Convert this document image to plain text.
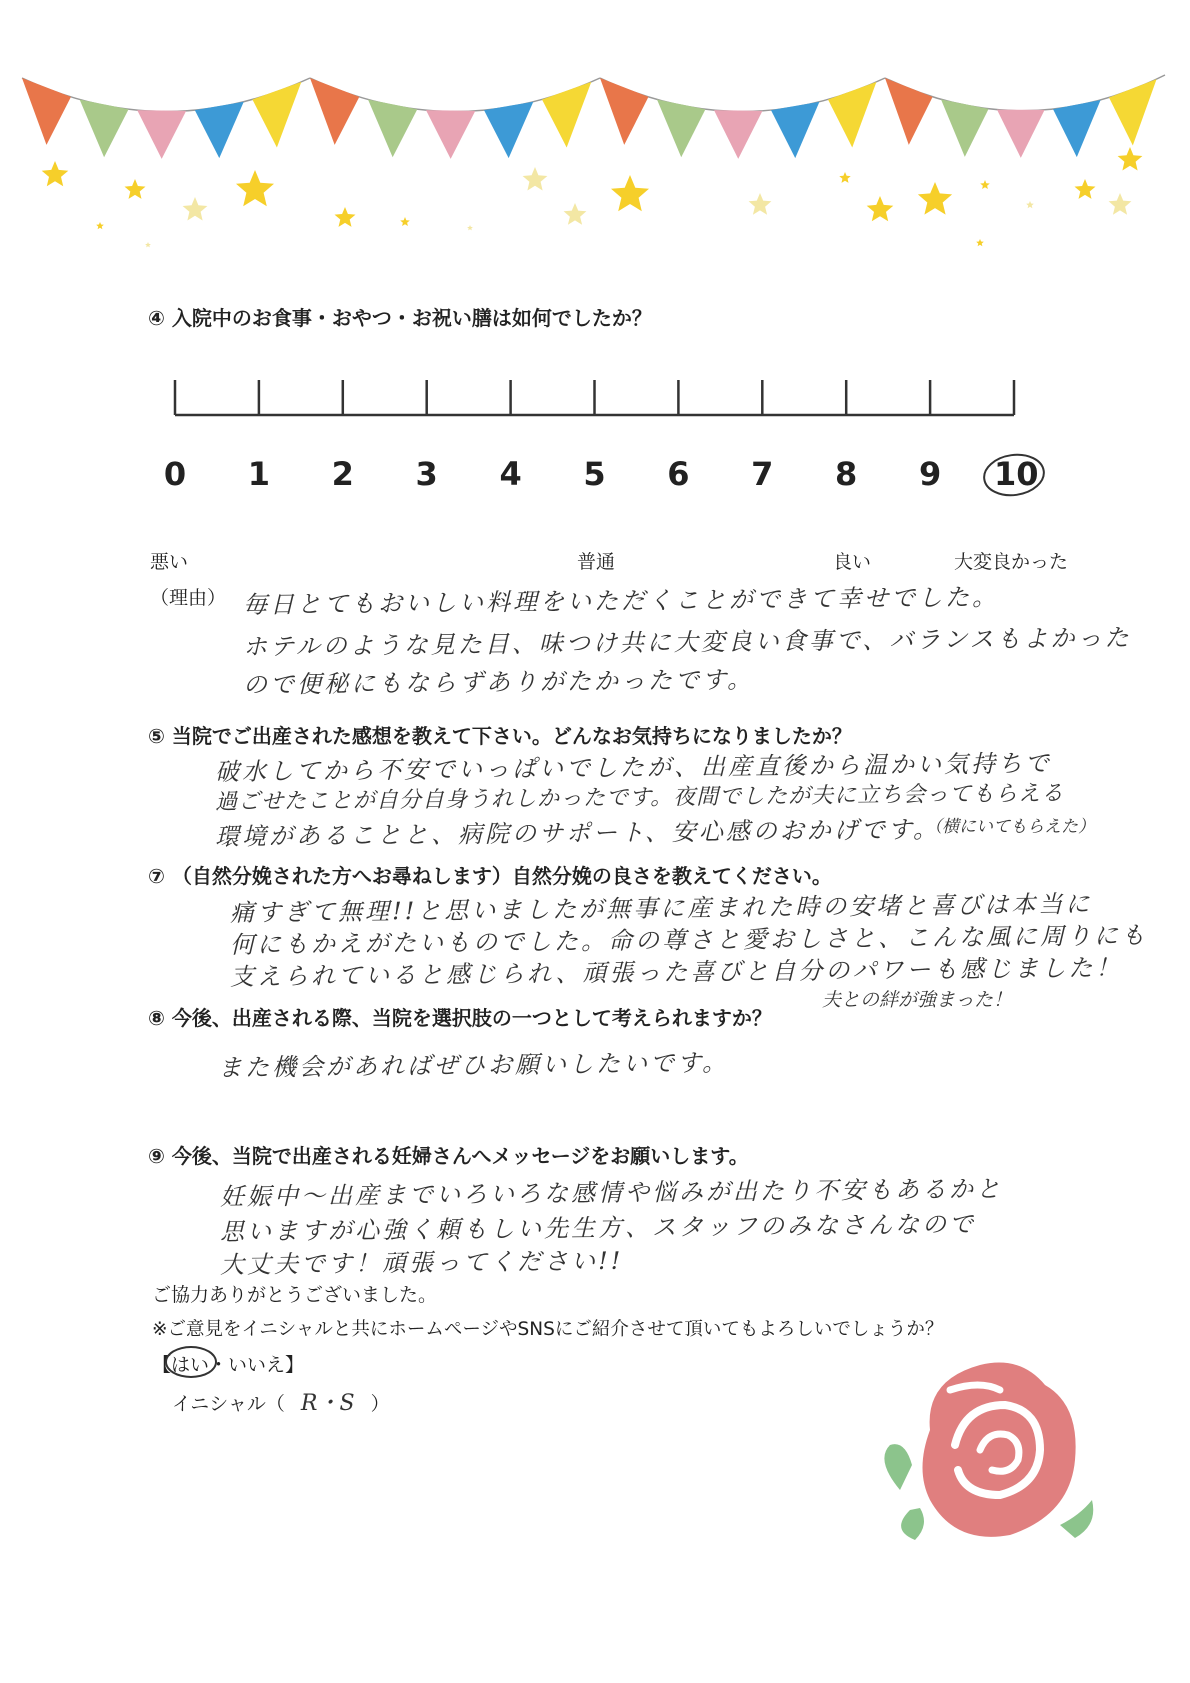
④ 入院中のお食事・おやつ・お祝い膳は如何でしたか？
0 1 2 3 4 5 6 7 8 9 10
悪い	普通	良い	大変良かった
（理由） 毎日とてもおいしい料理をいただくことができて幸せでした。
ホテルのような見た目、味つけ共に大変良い食事で、バランスもよかった
ので便秘にもならずありがたかったです。
⑤ 当院でご出産された感想を教えて下さい。どんなお気持ちになりましたか？
破水してから不安でいっぱいでしたが、出産直後から温かい気持ちで
過ごせたことが自分自身うれしかったです。夜間でしたが夫に立ち会ってもらえる
環境があることと、病院のサポート、安心感のおかげです。
（横にいてもらえた）
⑦ （自然分娩された方へお尋ねします）自然分娩の良さを教えてください。
痛すぎて無理!!と思いましたが無事に産まれた時の安堵と喜びは本当に
何にもかえがたいものでした。命の尊さと愛おしさと、こんな風に周りにも
支えられていると感じられ、頑張った喜びと自分のパワーも感じました！
夫との絆が強まった！
⑧ 今後、出産される際、当院を選択肢の一つとして考えられますか？
また機会があればぜひお願いしたいです。
⑨ 今後、当院で出産される妊婦さんへメッセージをお願いします。
妊娠中～出産までいろいろな感情や悩みが出たり不安もあるかと
思いますが心強く頼もしい先生方、スタッフのみなさんなので
大丈夫です！頑張ってください!!
ご協力ありがとうございました。
※ご意見をイニシャルと共にホームページやSNSにご紹介させて頂いてもよろしいでしょうか？
【はい
・いいえ】
イニシャル（ R・S ）
